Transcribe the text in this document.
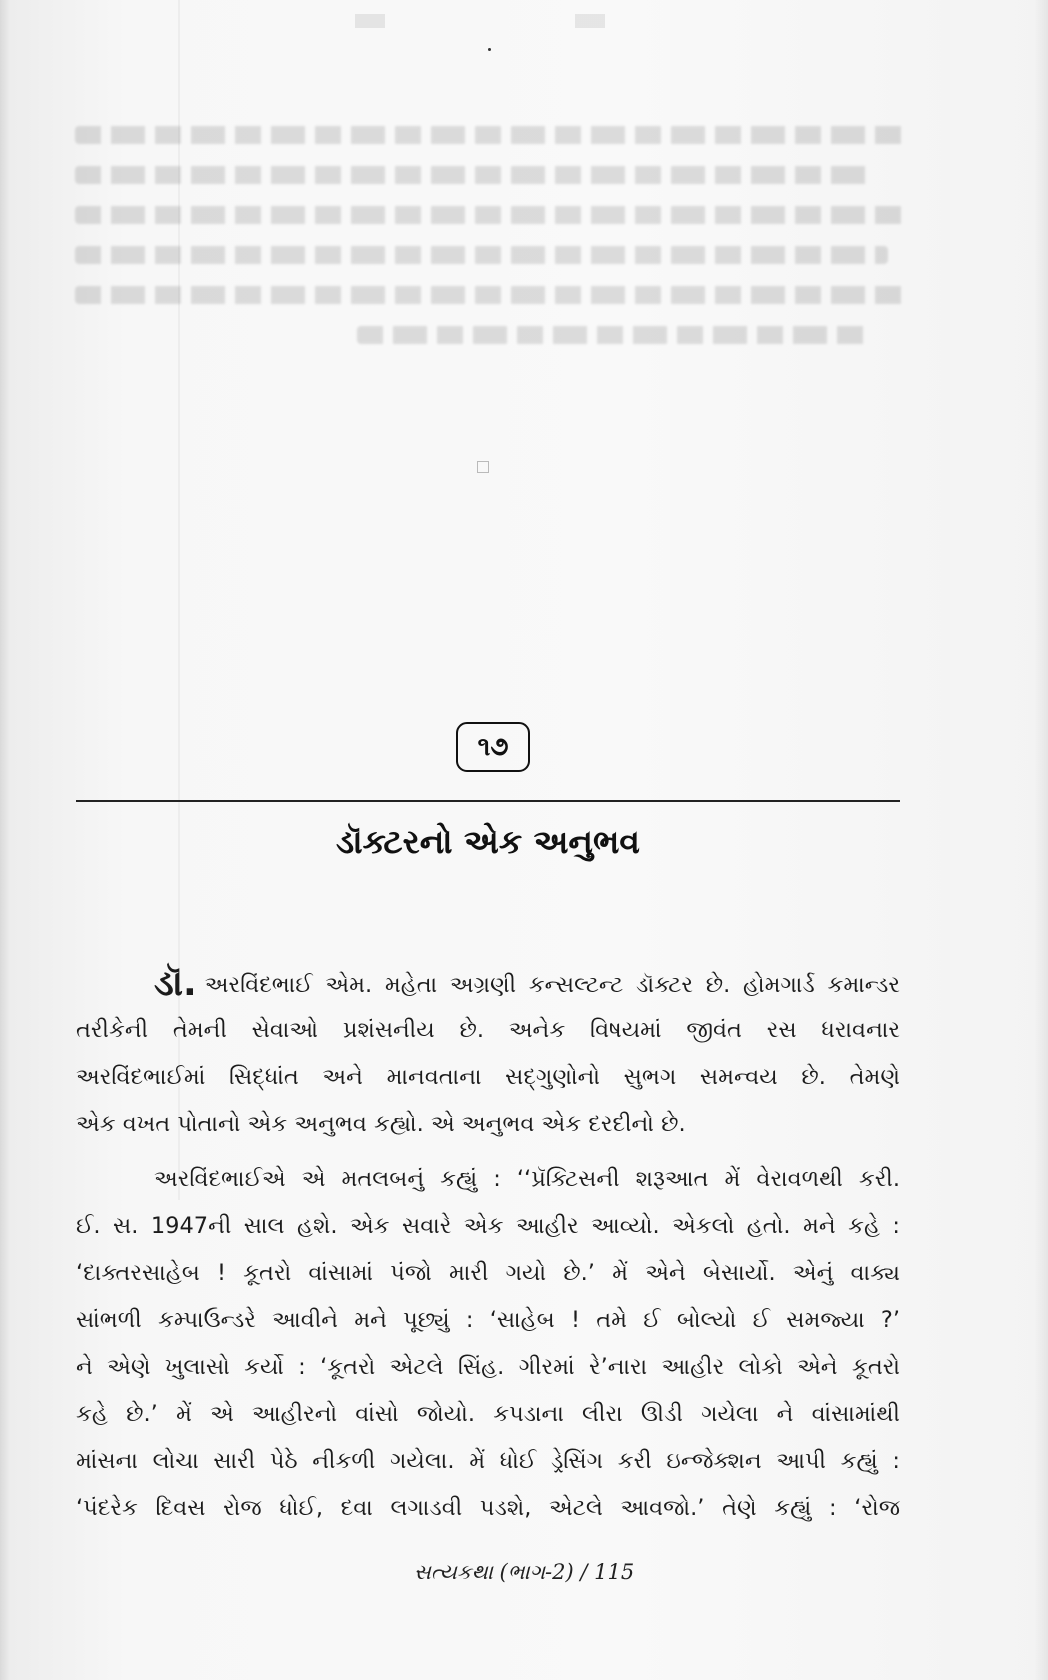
૧૭
ડૉક્ટરનો એક અનુભવ
ડૉ. અરવિંદભાઈ એમ. મહેતા અગ્રણી કન્સલ્ટન્ટ ડૉક્ટર છે. હોમગાર્ડ કમાન્ડર
તરીકેની તેમની સેવાઓ પ્રશંસનીય છે. અનેક વિષયમાં જીવંત રસ ધરાવનાર
અરવિંદભાઈમાં સિદ્ધાંત અને માનવતાના સદ્‌ગુણોનો સુભગ સમન્વય છે. તેમણે
એક વખત પોતાનો એક અનુભવ કહ્યો. એ અનુભવ એક દરદીનો છે.
અરવિંદભાઈએ એ મતલબનું કહ્યું : ‘‘પ્રૅક્ટિસની શરૂઆત મેં વેરાવળથી કરી.
ઈ. સ. 1947ની સાલ હશે. એક સવારે એક આહીર આવ્યો. એકલો હતો. મને કહે :
‘દાક્તરસાહેબ ! કૂતરો વાંસામાં પંજો મારી ગયો છે.’ મેં એને બેસાર્યો. એનું વાક્ય
સાંભળી કમ્પાઉન્ડરે આવીને મને પૂછ્યું : ‘સાહેબ ! તમે ઈ બોલ્યો ઈ સમજ્યા ?’
ને એણે ખુલાસો કર્યો : ‘કૂતરો એટલે સિંહ. ગીરમાં રે’નારા આહીર લોકો એને કૂતરો
કહે છે.’ મેં એ આહીરનો વાંસો જોયો. કપડાના લીરા ઊડી ગયેલા ને વાંસામાંથી
માંસના લોચા સારી પેઠે નીકળી ગયેલા. મેં ધોઈ ડ્રેસિંગ કરી ઇન્જેક્શન આપી કહ્યું :
‘પંદરેક દિવસ રોજ ધોઈ, દવા લગાડવી પડશે, એટલે આવજો.’ તેણે કહ્યું : ‘રોજ
સત્યકથા (ભાગ-2) / 115
